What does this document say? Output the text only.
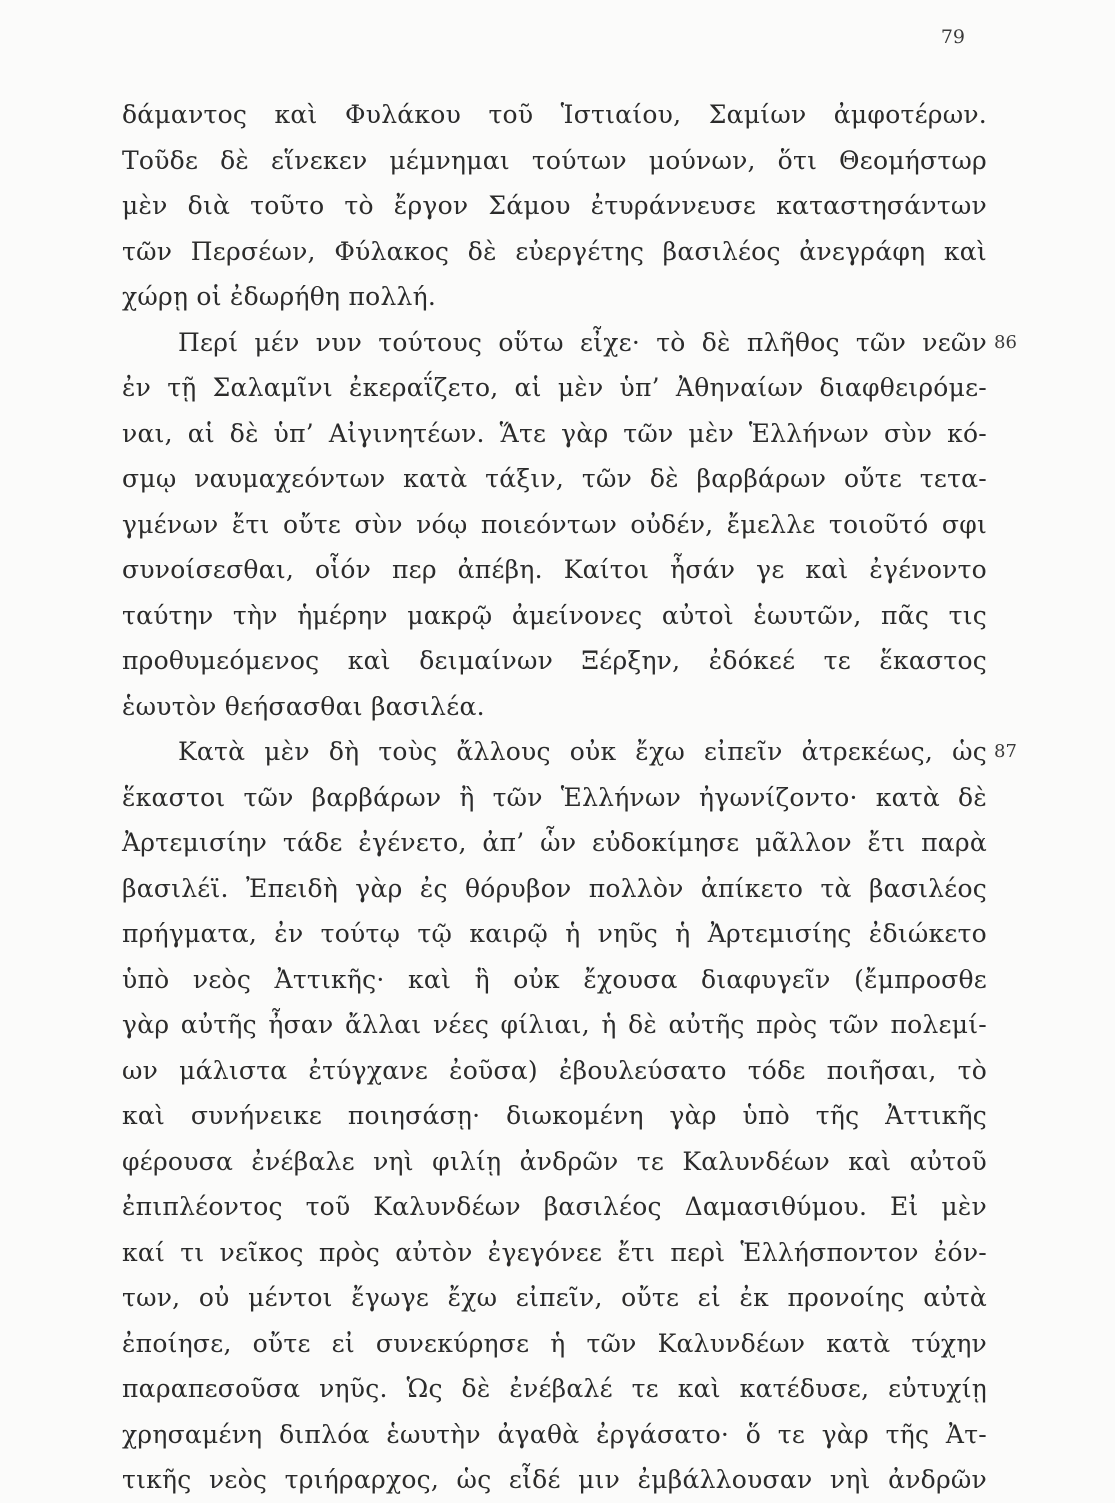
79
δάμαντος καὶ Φυλάκου τοῦ Ἱστιαίου, Σαμίων ἀμφοτέρων.
Τοῦδε δὲ εἵνεκεν μέμνημαι τούτων μούνων, ὅτι Θεομήστωρ
μὲν διὰ τοῦτο τὸ ἔργον Σάμου ἐτυράννευσε καταστησάντων
τῶν Περσέων, Φύλακος δὲ εὐεργέτης βασιλέος ἀνεγράφη καὶ
χώρῃ οἱ ἐδωρήθη πολλή.
Περί μέν νυν τούτους οὕτω εἶχε· τὸ δὲ πλῆθος τῶν νεῶν 86
ἐν τῇ Σαλαμῖνι ἐκεραΐζετο, αἱ μὲν ὑπ’ Ἀθηναίων διαφθειρόμε-
ναι, αἱ δὲ ὑπ’ Αἰγινητέων. Ἅτε γὰρ τῶν μὲν Ἑλλήνων σὺν κό-
σμῳ ναυμαχεόντων κατὰ τάξιν, τῶν δὲ βαρβάρων οὔτε τετα-
γμένων ἔτι οὔτε σὺν νόῳ ποιεόντων οὐδέν, ἔμελλε τοιοῦτό σφι
συνοίσεσθαι, οἷόν περ ἀπέβη. Καίτοι ἦσάν γε καὶ ἐγένοντο
ταύτην τὴν ἡμέρην μακρῷ ἀμείνονες αὐτοὶ ἑωυτῶν, πᾶς τις
προθυμεόμενος καὶ δειμαίνων Ξέρξην, ἐδόκεέ τε ἕκαστος
ἑωυτὸν θεήσασθαι βασιλέα.
Κατὰ μὲν δὴ τοὺς ἄλλους οὐκ ἔχω εἰπεῖν ἀτρεκέως, ὡς 87
ἕκαστοι τῶν βαρβάρων ἢ τῶν Ἑλλήνων ἠγωνίζοντο· κατὰ δὲ
Ἀρτεμισίην τάδε ἐγένετο, ἀπ’ ὧν εὐδοκίμησε μᾶλλον ἔτι παρὰ
βασιλέϊ. Ἐπειδὴ γὰρ ἐς θόρυβον πολλὸν ἀπίκετο τὰ βασιλέος
πρήγματα, ἐν τούτῳ τῷ καιρῷ ἡ νηῦς ἡ Ἀρτεμισίης ἐδιώκετο
ὑπὸ νεὸς Ἀττικῆς· καὶ ἣ οὐκ ἔχουσα διαφυγεῖν (ἔμπροσθε
γὰρ αὐτῆς ἦσαν ἄλλαι νέες φίλιαι, ἡ δὲ αὐτῆς πρὸς τῶν πολεμί-
ων μάλιστα ἐτύγχανε ἐοῦσα) ἐβουλεύσατο τόδε ποιῆσαι, τὸ
καὶ συνήνεικε ποιησάσῃ· διωκομένη γὰρ ὑπὸ τῆς Ἀττικῆς
φέρουσα ἐνέβαλε νηὶ φιλίῃ ἀνδρῶν τε Καλυνδέων καὶ αὐτοῦ
ἐπιπλέοντος τοῦ Καλυνδέων βασιλέος Δαμασιθύμου. Εἰ μὲν
καί τι νεῖκος πρὸς αὐτὸν ἐγεγόνεε ἔτι περὶ Ἑλλήσποντον ἐόν-
των, οὐ μέντοι ἔγωγε ἔχω εἰπεῖν, οὔτε εἰ ἐκ προνοίης αὐτὰ
ἐποίησε, οὔτε εἰ συνεκύρησε ἡ τῶν Καλυνδέων κατὰ τύχην
παραπεσοῦσα νηῦς. Ὡς δὲ ἐνέβαλέ τε καὶ κατέδυσε, εὐτυχίῃ
χρησαμένη διπλόα ἑωυτὴν ἀγαθὰ ἐργάσατο· ὅ τε γὰρ τῆς Ἀτ-
τικῆς νεὸς τριήραρχος, ὡς εἶδέ μιν ἐμβάλλουσαν νηὶ ἀνδρῶν
